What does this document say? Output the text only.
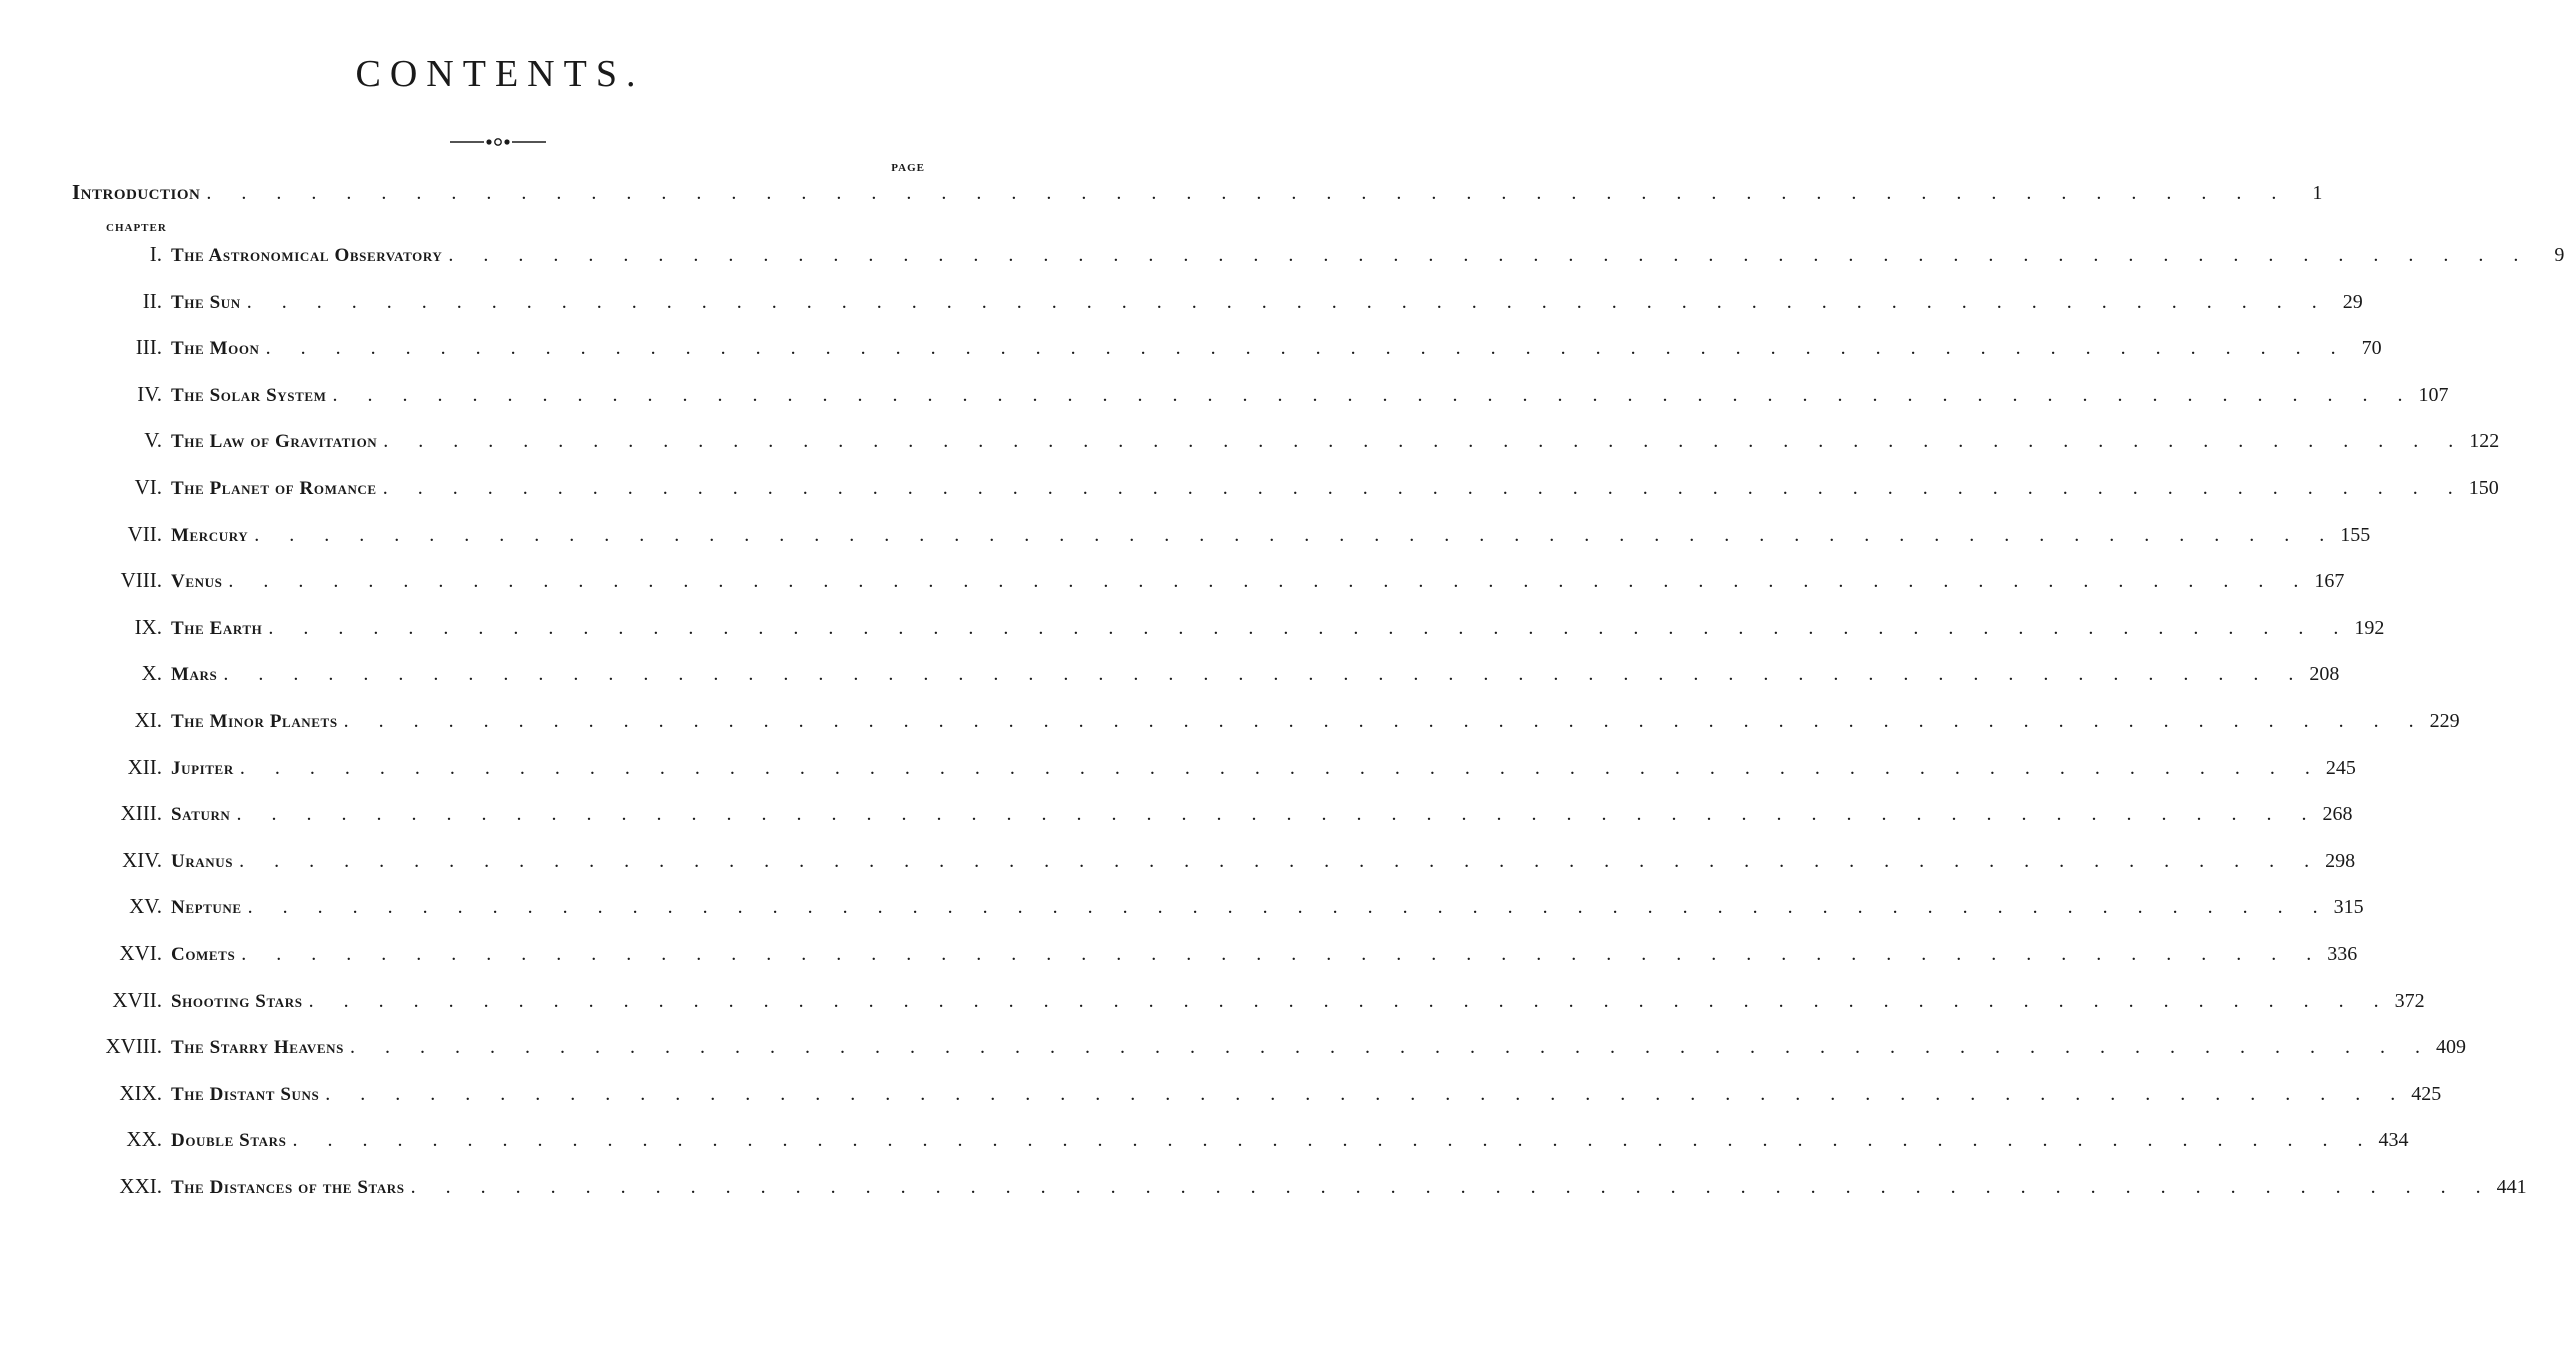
CONTENTS.
PAGE
Introduction .  .  .  .  .  .  .  .  .  .  .  .  .  .  .  .  .  .  .  .  .  .  .  .  .  .  .  .  .  .  .  .  .  .  .  .  .  .  .  .  .  .  .  .  .  .  .  .  .  .  .  .  .  .  .  .  .  .  .  .	1
CHAPTER
I. The Astronomical Observatory .  .  .  .  .  .  .  .  .  .  .  .  .  .  .  .  .  .  .  .  .  .  .  .  .  .  .  .  .  .  .  .  .  .  .  .  .  .  .  .  .  .  .  .  .  .  .  .  .  .  .  .  .  .  .  .  .  .  .  .	9
II. The Sun .  .  .  .  .  .  .  .  .  .  .  .  .  .  .  .  .  .  .  .  .  .  .  .  .  .  .  .  .  .  .  .  .  .  .  .  .  .  .  .  .  .  .  .  .  .  .  .  .  .  .  .  .  .  .  .  .  .  .  .	29
III. The Moon .  .  .  .  .  .  .  .  .  .  .  .  .  .  .  .  .  .  .  .  .  .  .  .  .  .  .  .  .  .  .  .  .  .  .  .  .  .  .  .  .  .  .  .  .  .  .  .  .  .  .  .  .  .  .  .  .  .  .  .	70
IV. The Solar System .  .  .  .  .  .  .  .  .  .  .  .  .  .  .  .  .  .  .  .  .  .  .  .  .  .  .  .  .  .  .  .  .  .  .  .  .  .  .  .  .  .  .  .  .  .  .  .  .  .  .  .  .  .  .  .  .  .  .  . 107
V. The Law of Gravitation .  .  .  .  .  .  .  .  .  .  .  .  .  .  .  .  .  .  .  .  .  .  .  .  .  .  .  .  .  .  .  .  .  .  .  .  .  .  .  .  .  .  .  .  .  .  .  .  .  .  .  .  .  .  .  .  .  .  .  . 122
VI. The Planet of Romance .  .  .  .  .  .  .  .  .  .  .  .  .  .  .  .  .  .  .  .  .  .  .  .  .  .  .  .  .  .  .  .  .  .  .  .  .  .  .  .  .  .  .  .  .  .  .  .  .  .  .  .  .  .  .  .  .  .  .  . 150
VII. Mercury .  .  .  .  .  .  .  .  .  .  .  .  .  .  .  .  .  .  .  .  .  .  .  .  .  .  .  .  .  .  .  .  .  .  .  .  .  .  .  .  .  .  .  .  .  .  .  .  .  .  .  .  .  .  .  .  .  .  .  . 155
VIII. Venus .  .  .  .  .  .  .  .  .  .  .  .  .  .  .  .  .  .  .  .  .  .  .  .  .  .  .  .  .  .  .  .  .  .  .  .  .  .  .  .  .  .  .  .  .  .  .  .  .  .  .  .  .  .  .  .  .  .  .  . 167
IX. The Earth .  .  .  .  .  .  .  .  .  .  .  .  .  .  .  .  .  .  .  .  .  .  .  .  .  .  .  .  .  .  .  .  .  .  .  .  .  .  .  .  .  .  .  .  .  .  .  .  .  .  .  .  .  .  .  .  .  .  .  . 192
X. Mars .  .  .  .  .  .  .  .  .  .  .  .  .  .  .  .  .  .  .  .  .  .  .  .  .  .  .  .  .  .  .  .  .  .  .  .  .  .  .  .  .  .  .  .  .  .  .  .  .  .  .  .  .  .  .  .  .  .  .  . 208
XI. The Minor Planets .  .  .  .  .  .  .  .  .  .  .  .  .  .  .  .  .  .  .  .  .  .  .  .  .  .  .  .  .  .  .  .  .  .  .  .  .  .  .  .  .  .  .  .  .  .  .  .  .  .  .  .  .  .  .  .  .  .  .  . 229
XII. Jupiter .  .  .  .  .  .  .  .  .  .  .  .  .  .  .  .  .  .  .  .  .  .  .  .  .  .  .  .  .  .  .  .  .  .  .  .  .  .  .  .  .  .  .  .  .  .  .  .  .  .  .  .  .  .  .  .  .  .  .  . 245
XIII. Saturn .  .  .  .  .  .  .  .  .  .  .  .  .  .  .  .  .  .  .  .  .  .  .  .  .  .  .  .  .  .  .  .  .  .  .  .  .  .  .  .  .  .  .  .  .  .  .  .  .  .  .  .  .  .  .  .  .  .  .  . 268
XIV. Uranus .  .  .  .  .  .  .  .  .  .  .  .  .  .  .  .  .  .  .  .  .  .  .  .  .  .  .  .  .  .  .  .  .  .  .  .  .  .  .  .  .  .  .  .  .  .  .  .  .  .  .  .  .  .  .  .  .  .  .  . 298
XV. Neptune .  .  .  .  .  .  .  .  .  .  .  .  .  .  .  .  .  .  .  .  .  .  .  .  .  .  .  .  .  .  .  .  .  .  .  .  .  .  .  .  .  .  .  .  .  .  .  .  .  .  .  .  .  .  .  .  .  .  .  . 315
XVI. Comets .  .  .  .  .  .  .  .  .  .  .  .  .  .  .  .  .  .  .  .  .  .  .  .  .  .  .  .  .  .  .  .  .  .  .  .  .  .  .  .  .  .  .  .  .  .  .  .  .  .  .  .  .  .  .  .  .  .  .  . 336
XVII. Shooting Stars .  .  .  .  .  .  .  .  .  .  .  .  .  .  .  .  .  .  .  .  .  .  .  .  .  .  .  .  .  .  .  .  .  .  .  .  .  .  .  .  .  .  .  .  .  .  .  .  .  .  .  .  .  .  .  .  .  .  .  . 372
XVIII. The Starry Heavens .  .  .  .  .  .  .  .  .  .  .  .  .  .  .  .  .  .  .  .  .  .  .  .  .  .  .  .  .  .  .  .  .  .  .  .  .  .  .  .  .  .  .  .  .  .  .  .  .  .  .  .  .  .  .  .  .  .  .  . 409
XIX. The Distant Suns .  .  .  .  .  .  .  .  .  .  .  .  .  .  .  .  .  .  .  .  .  .  .  .  .  .  .  .  .  .  .  .  .  .  .  .  .  .  .  .  .  .  .  .  .  .  .  .  .  .  .  .  .  .  .  .  .  .  .  . 425
XX. Double Stars .  .  .  .  .  .  .  .  .  .  .  .  .  .  .  .  .  .  .  .  .  .  .  .  .  .  .  .  .  .  .  .  .  .  .  .  .  .  .  .  .  .  .  .  .  .  .  .  .  .  .  .  .  .  .  .  .  .  .  . 434
XXI. The Distances of the Stars .  .  .  .  .  .  .  .  .  .  .  .  .  .  .  .  .  .  .  .  .  .  .  .  .  .  .  .  .  .  .  .  .  .  .  .  .  .  .  .  .  .  .  .  .  .  .  .  .  .  .  .  .  .  .  .  .  .  .  . 441
